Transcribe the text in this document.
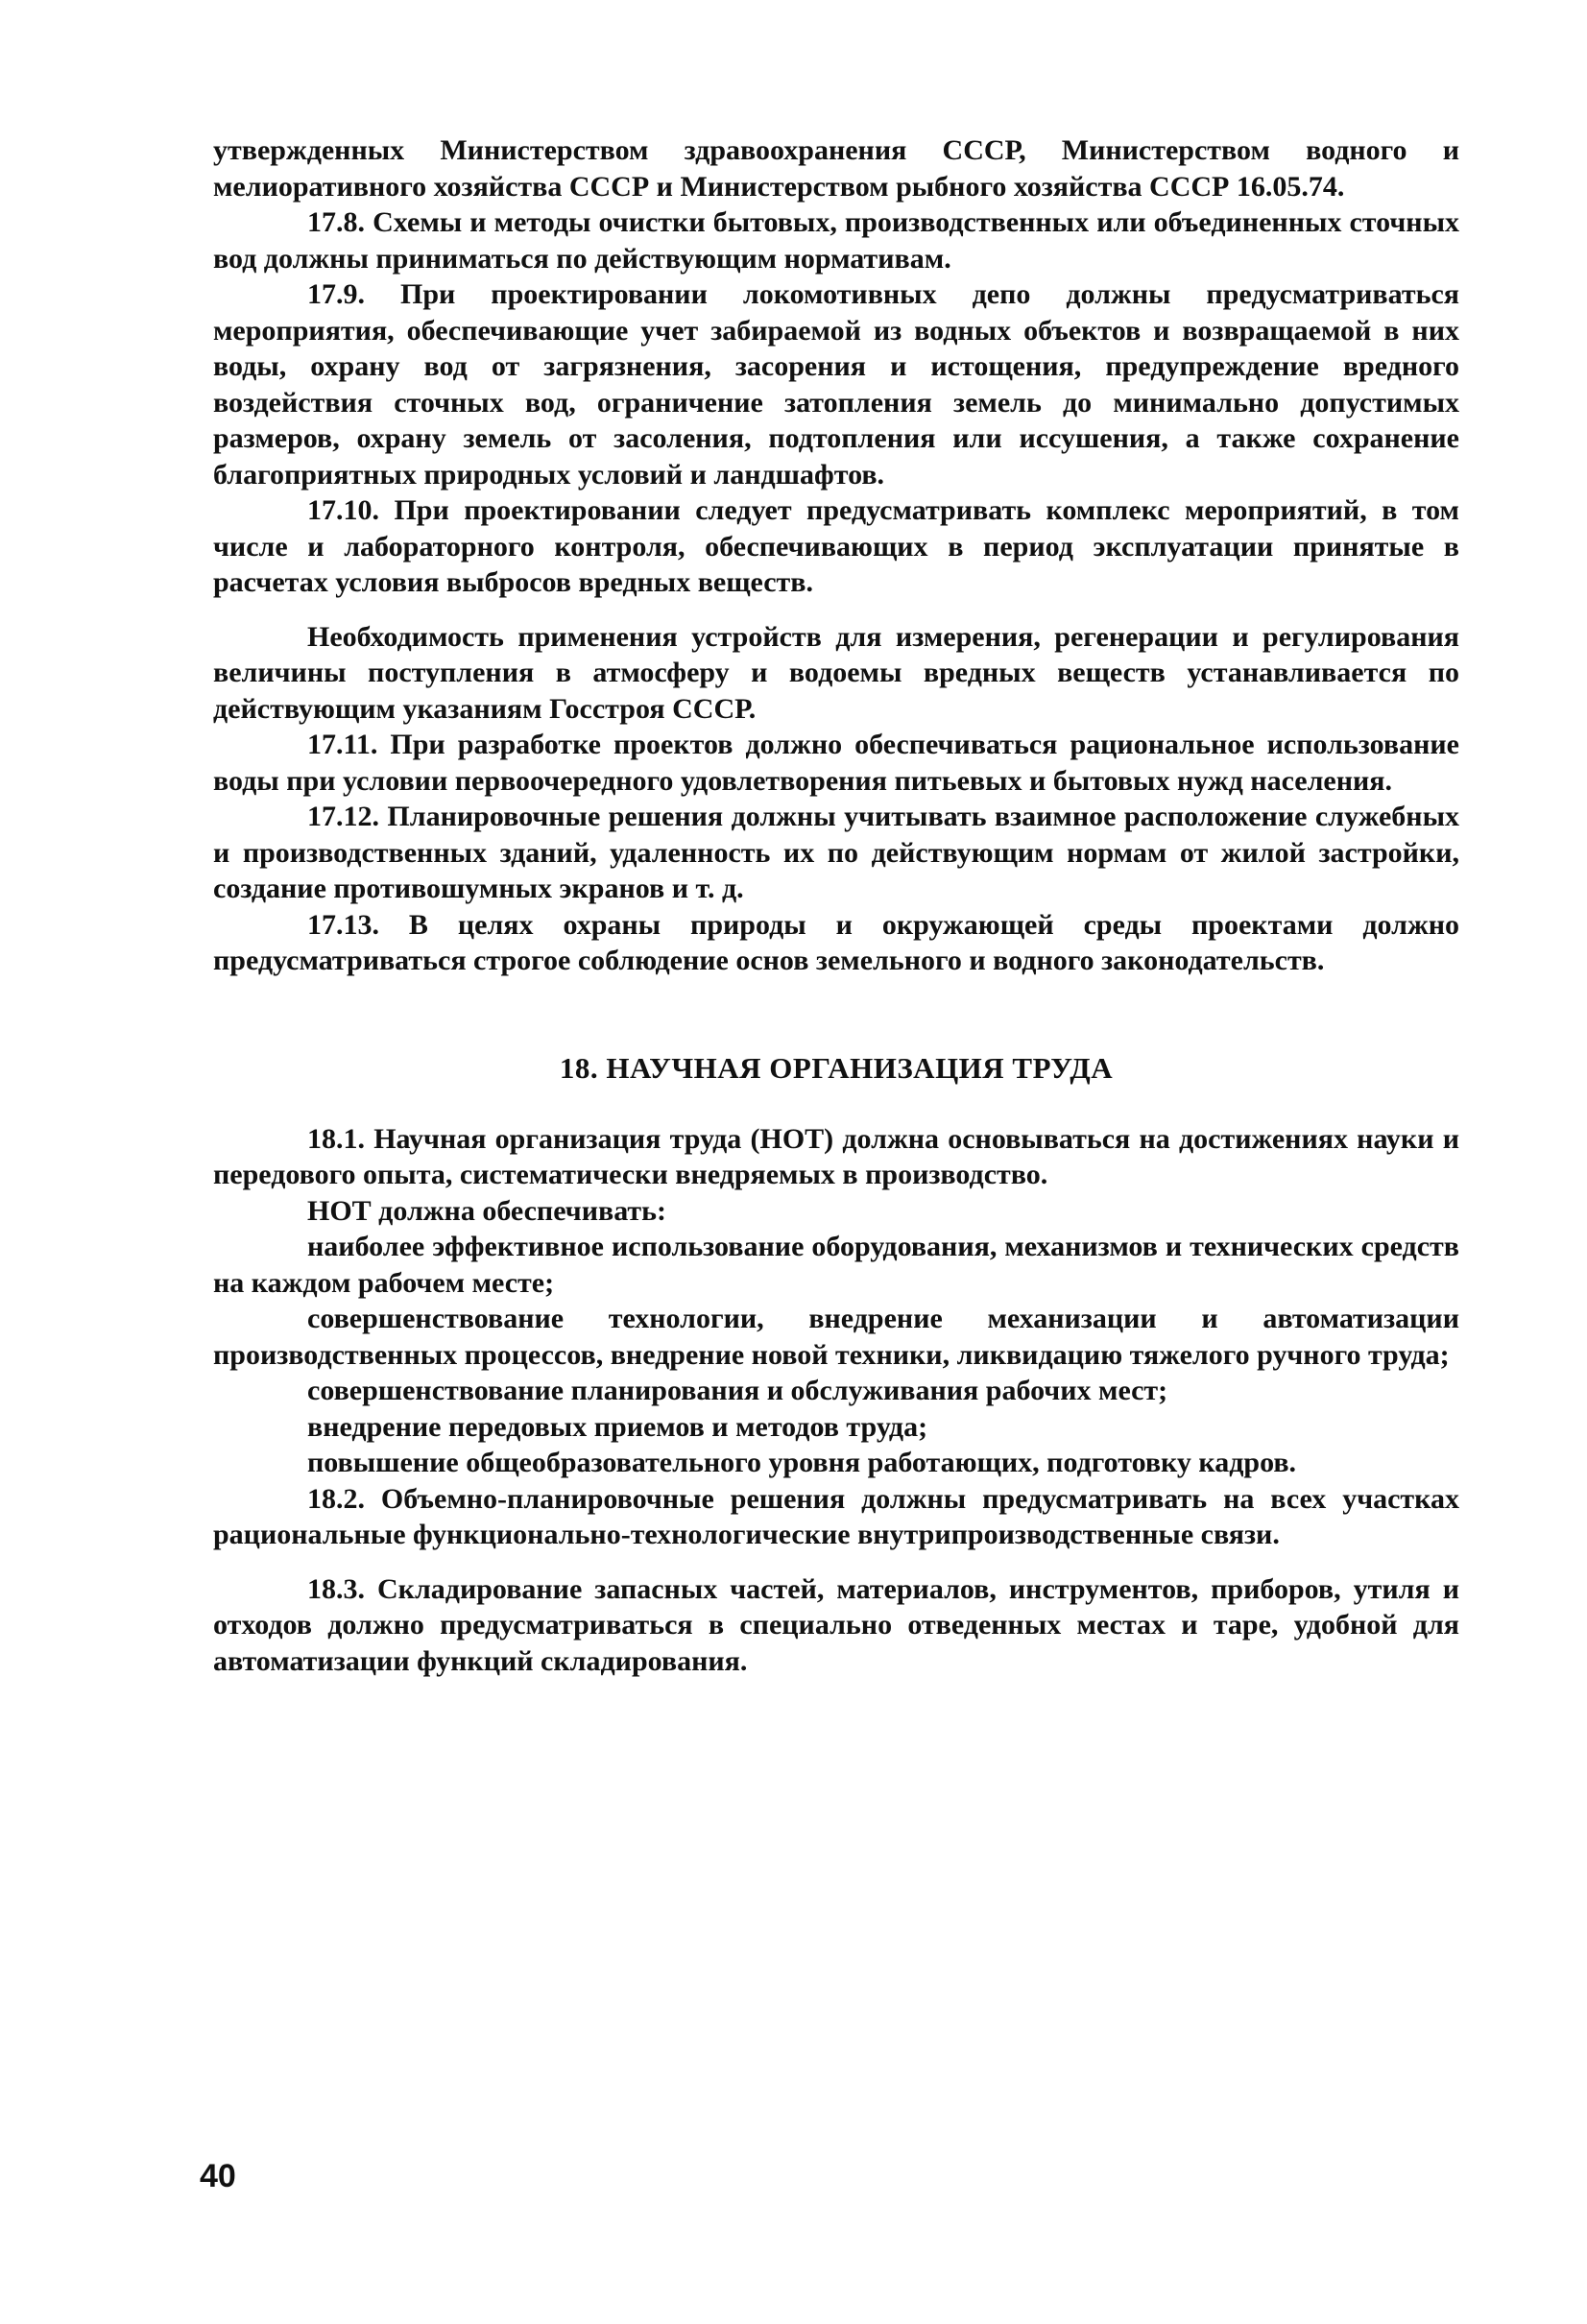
утвержденных Министерством здравоохранения СССР, Министерством водного и мелиоративного хозяйства СССР и Министерством рыбного хозяйства СССР 16.05.74.

17.8. Схемы и методы очистки бытовых, производственных или объединенных сточных вод должны приниматься по действующим нормативам.

17.9. При проектировании локомотивных депо должны предусматриваться мероприятия, обеспечивающие учет забираемой из водных объектов и возвращаемой в них воды, охрану вод от загрязнения, засорения и истощения, предупреждение вредного воздействия сточных вод, ограничение затопления земель до минимально допустимых размеров, охрану земель от засоления, подтопления или иссушения, а также сохранение благоприятных природных условий и ландшафтов.

17.10. При проектировании следует предусматривать комплекс мероприятий, в том числе и лабораторного контроля, обеспечивающих в период эксплуатации принятые в расчетах условия выбросов вредных веществ.

Необходимость применения устройств для измерения, регенерации и регулирования величины поступления в атмосферу и водоемы вредных веществ устанавливается по действующим указаниям Госстроя СССР.

17.11. При разработке проектов должно обеспечиваться рациональное использование воды при условии первоочередного удовлетворения питьевых и бытовых нужд населения.

17.12. Планировочные решения должны учитывать взаимное расположение служебных и производственных зданий, удаленность их по действующим нормам от жилой застройки, создание противошумных экранов и т. д.

17.13. В целях охраны природы и окружающей среды проектами должно предусматриваться строгое соблюдение основ земельного и водного законодательств.

18. НАУЧНАЯ ОРГАНИЗАЦИЯ ТРУДА

18.1. Научная организация труда (НОТ) должна основываться на достижениях науки и передового опыта, систематически внедряемых в производство.

НОТ должна обеспечивать:

наиболее эффективное использование оборудования, механизмов и технических средств на каждом рабочем месте;

совершенствование технологии, внедрение механизации и автоматизации производственных процессов, внедрение новой техники, ликвидацию тяжелого ручного труда;

совершенствование планирования и обслуживания рабочих мест;

внедрение передовых приемов и методов труда;

повышение общеобразовательного уровня работающих, подготовку кадров.

18.2. Объемно-планировочные решения должны предусматривать на всех участках рациональные функционально-технологические внутрипроизводственные связи.

18.3. Складирование запасных частей, материалов, инструментов, приборов, утиля и отходов должно предусматриваться в специально отведенных местах и таре, удобной для автоматизации функций складирования.

40
